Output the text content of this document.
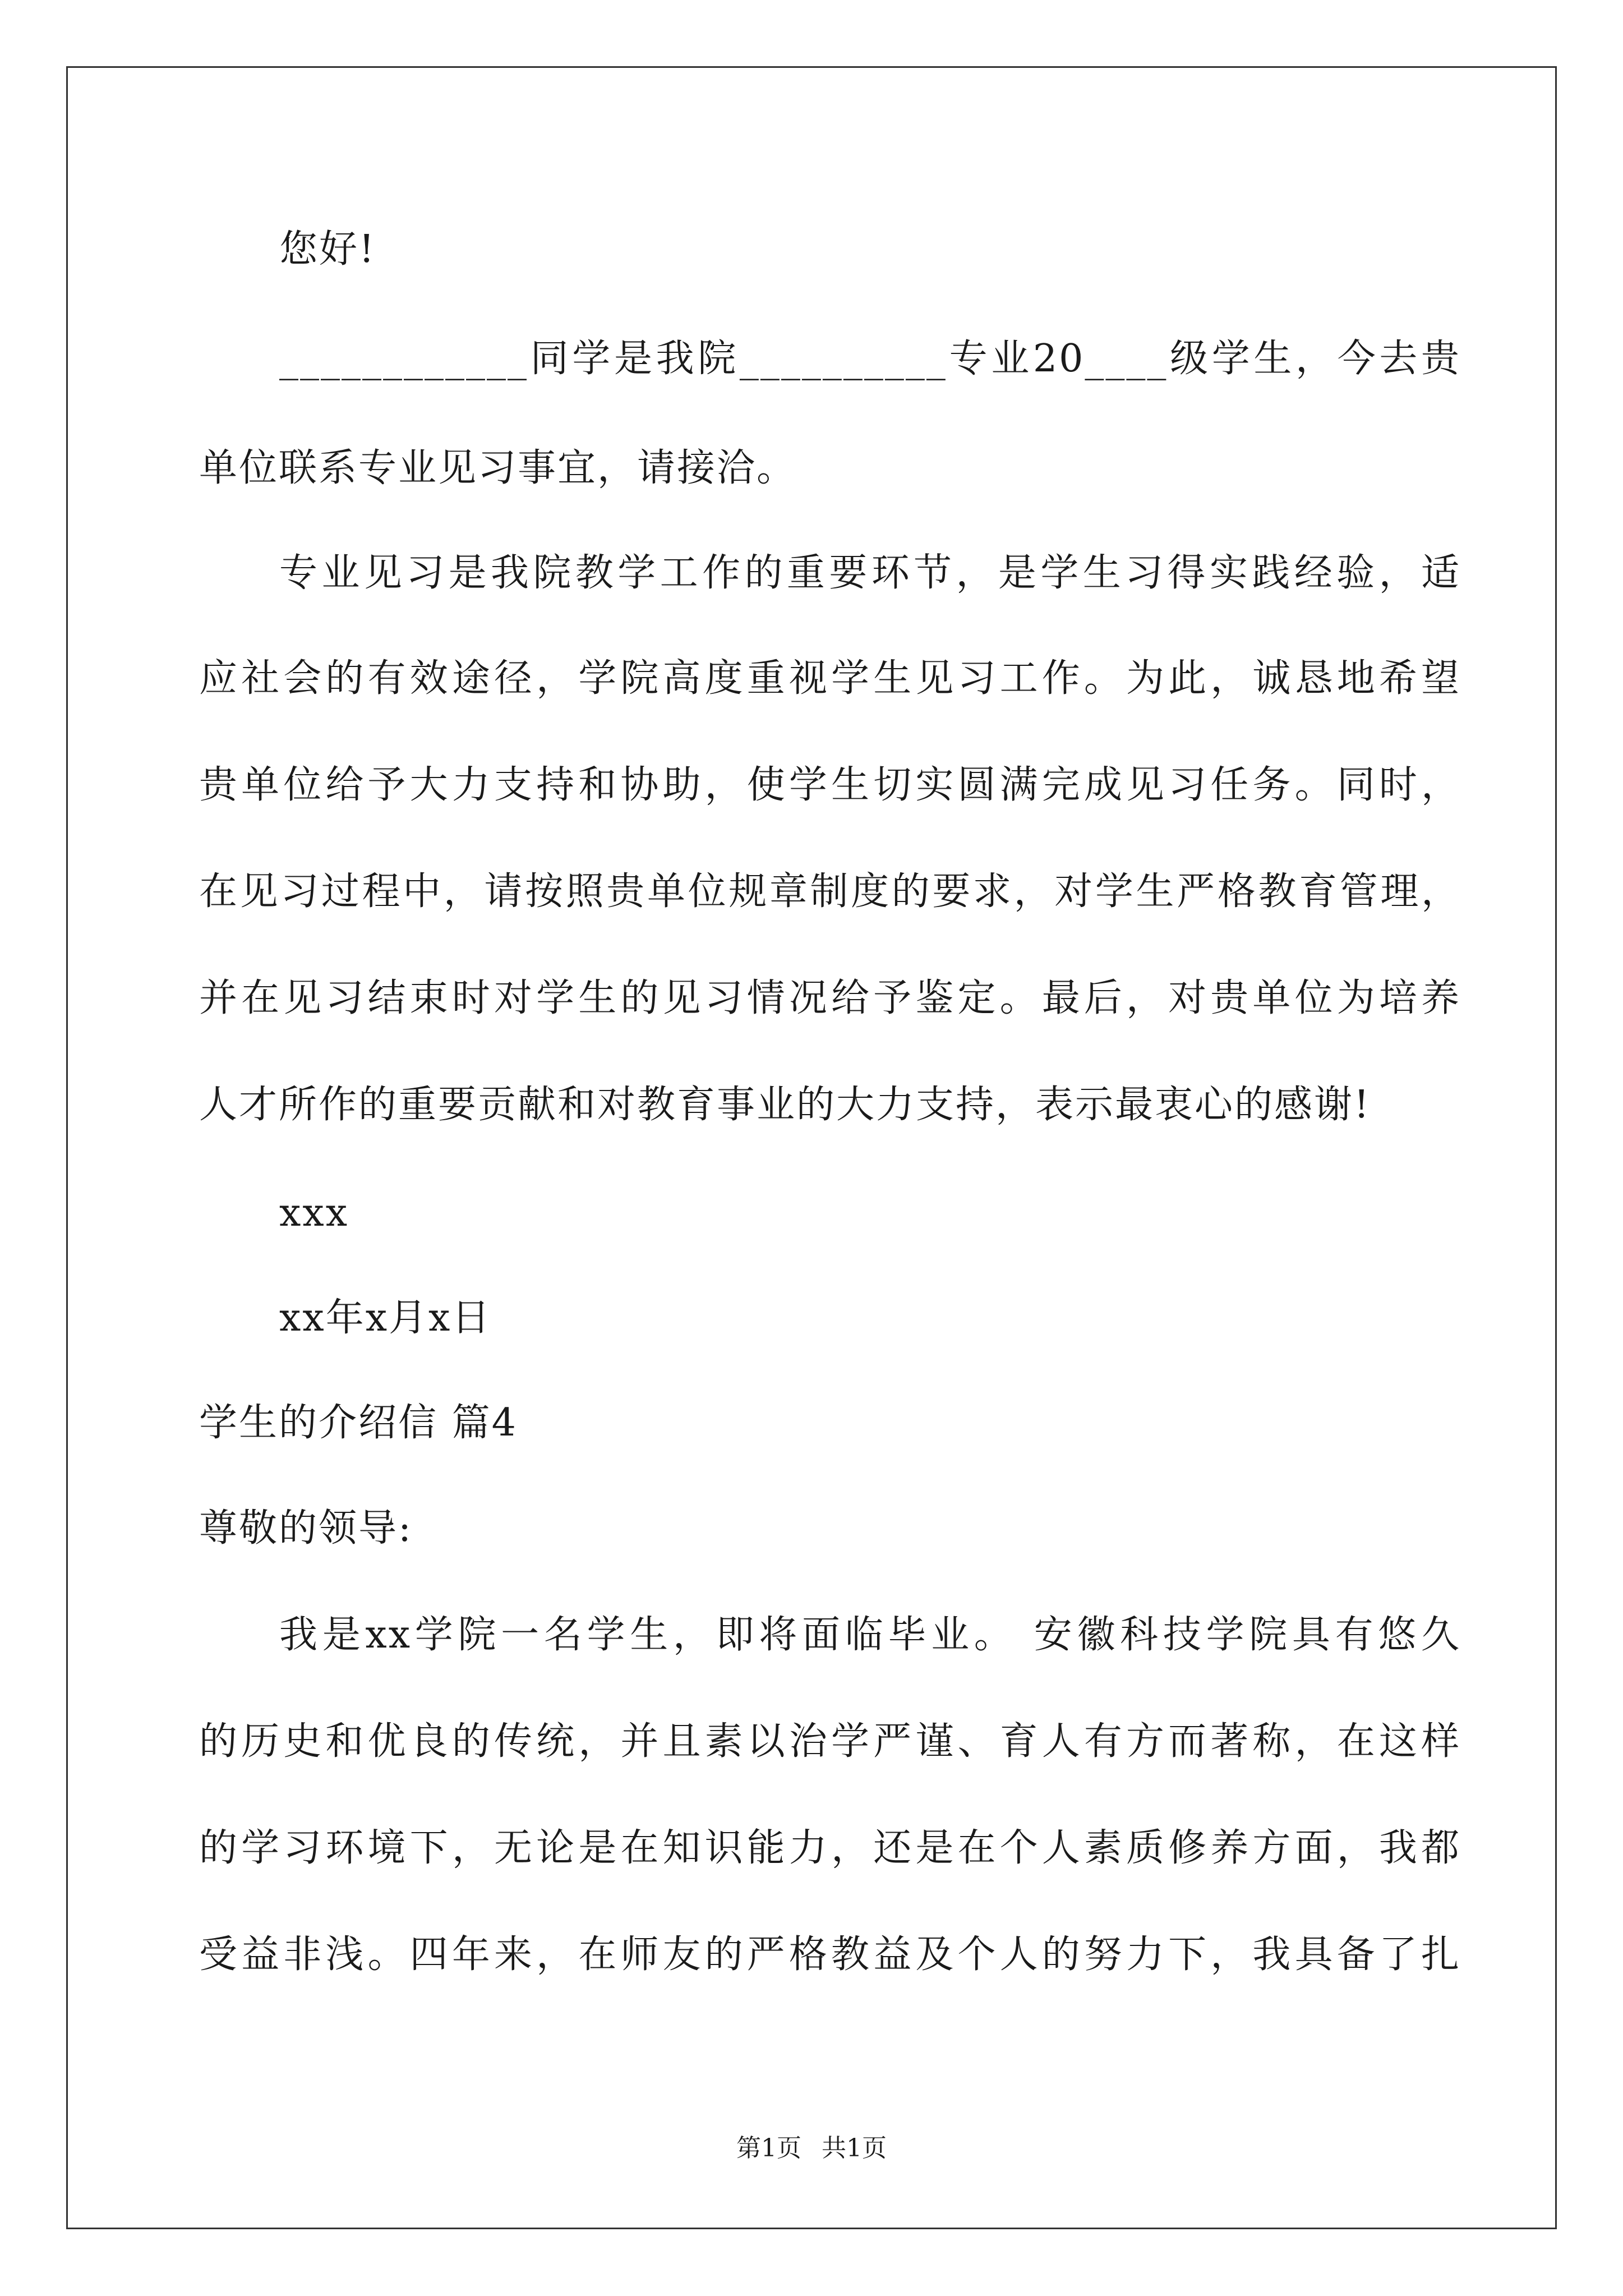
您好!
____________同学是我院__________专业20____级学生，今去贵
单位联系专业见习事宜，请接洽。
专业见习是我院教学工作的重要环节，是学生习得实践经验，适
应社会的有效途径，学院高度重视学生见习工作。为此，诚恳地希望
贵单位给予大力支持和协助，使学生切实圆满完成见习任务。同时，
在见习过程中，请按照贵单位规章制度的要求，对学生严格教育管理，
并在见习结束时对学生的见习情况给予鉴定。最后，对贵单位为培养
人才所作的重要贡献和对教育事业的大力支持，表示最衷心的感谢!
xxx
xx年x月x日
学生的介绍信 篇4
尊敬的领导:
我是xx学院一名学生，即将面临毕业。 安徽科技学院具有悠久
的历史和优良的传统，并且素以治学严谨、育人有方而著称，在这样
的学习环境下，无论是在知识能力，还是在个人素质修养方面，我都
受益非浅。四年来，在师友的严格教益及个人的努力下，我具备了扎
第1页 共1页
